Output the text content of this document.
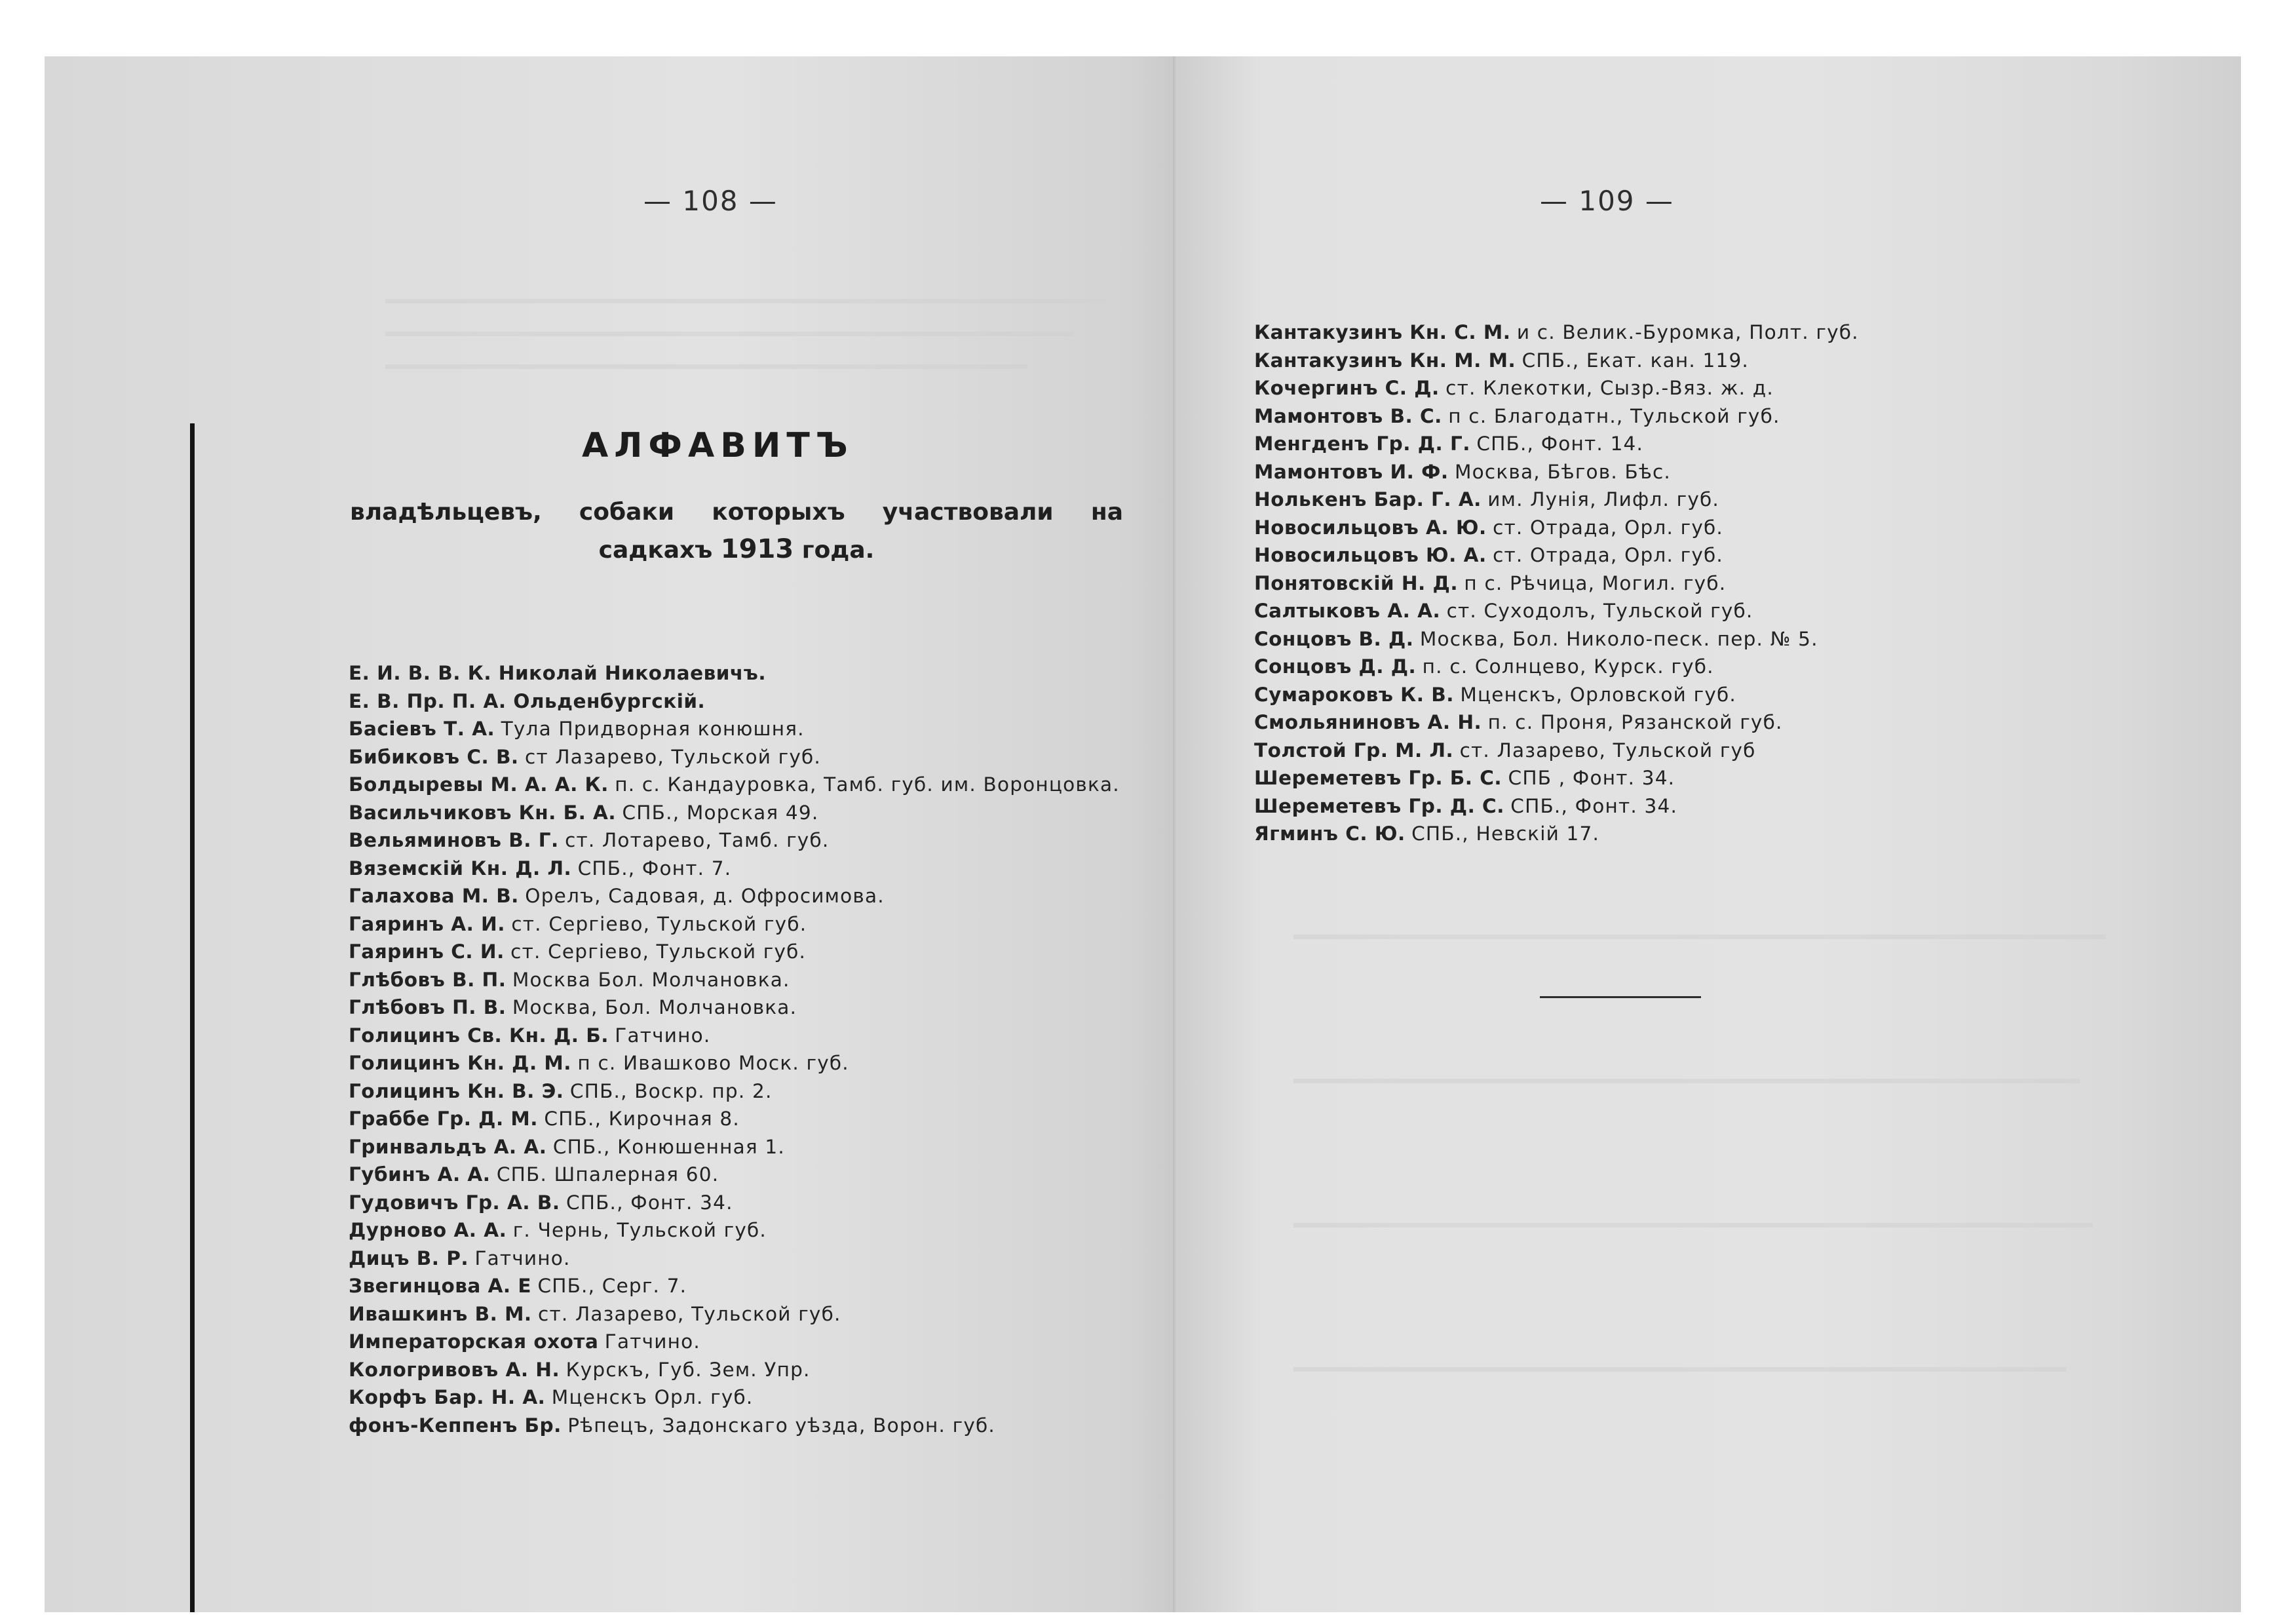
— 108 —
АЛФАВИТЪ
владѣльцевъ, собаки которыхъ участвовали на садкахъ 1913 года.
Е. И. В. В. К. Николай Николаевичъ.
Е. В. Пр. П. А. Ольденбургскій.
Басіевъ Т. А. Тула Придворная конюшня.
Бибиковъ С. В. ст Лазарево, Тульской губ.
Болдыревы М. А. А. К. п. с. Кандауровка, Тамб. губ. им. Воронцовка.
Васильчиковъ Кн. Б. А. СПБ., Морская 49.
Вельяминовъ В. Г. ст. Лотарево, Тамб. губ.
Вяземскій Кн. Д. Л. СПБ., Фонт. 7.
Галахова М. В. Орелъ, Садовая, д. Офросимова.
Гаяринъ А. И. ст. Сергіево, Тульской губ.
Гаяринъ С. И. ст. Сергіево, Тульской губ.
Глѣбовъ В. П. Москва Бол. Молчановка.
Глѣбовъ П. В. Москва, Бол. Молчановка.
Голицинъ Св. Кн. Д. Б. Гатчино.
Голицинъ Кн. Д. М. п с. Ивашково Моск. губ.
Голицинъ Кн. В. Э. СПБ., Воскр. пр. 2.
Граббе Гр. Д. М. СПБ., Кирочная 8.
Гринвальдъ А. А. СПБ., Конюшенная 1.
Губинъ А. А. СПБ. Шпалерная 60.
Гудовичъ Гр. А. В. СПБ., Фонт. 34.
Дурново А. А. г. Чернь, Тульской губ.
Дицъ В. Р. Гатчино.
Звегинцова А. Е СПБ., Серг. 7.
Ивашкинъ В. М. ст. Лазарево, Тульской губ.
Императорская охота Гатчино.
Кологривовъ А. Н. Курскъ, Губ. Зем. Упр.
Корфъ Бар. Н. А. Мценскъ Орл. губ.
фонъ-Кеппенъ Бр. Рѣпецъ, Задонскаго уѣзда, Ворон. губ.
— 109 —
Кантакузинъ Кн. С. М. и с. Велик.-Буромка, Полт. губ.
Кантакузинъ Кн. М. М. СПБ., Екат. кан. 119.
Кочергинъ С. Д. ст. Клекотки, Сызр.-Вяз. ж. д.
Мамонтовъ В. С. п с. Благодатн., Тульской губ.
Менгденъ Гр. Д. Г. СПБ., Фонт. 14.
Мамонтовъ И. Ф. Москва, Бѣгов. Бѣс.
Нолькенъ Бар. Г. А. им. Лунія, Лифл. губ.
Новосильцовъ А. Ю. ст. Отрада, Орл. губ.
Новосильцовъ Ю. А. ст. Отрада, Орл. губ.
Понятовскій Н. Д. п с. Рѣчица, Могил. губ.
Салтыковъ А. А. ст. Суходолъ, Тульской губ.
Сонцовъ В. Д. Москва, Бол. Николо-песк. пер. № 5.
Сонцовъ Д. Д. п. с. Солнцево, Курск. губ.
Сумароковъ К. В. Мценскъ, Орловской губ.
Смольяниновъ А. Н. п. с. Проня, Рязанской губ.
Толстой Гр. М. Л. ст. Лазарево, Тульской губ
Шереметевъ Гр. Б. С. СПБ , Фонт. 34.
Шереметевъ Гр. Д. С. СПБ., Фонт. 34.
Ягминъ С. Ю. СПБ., Невскій 17.
